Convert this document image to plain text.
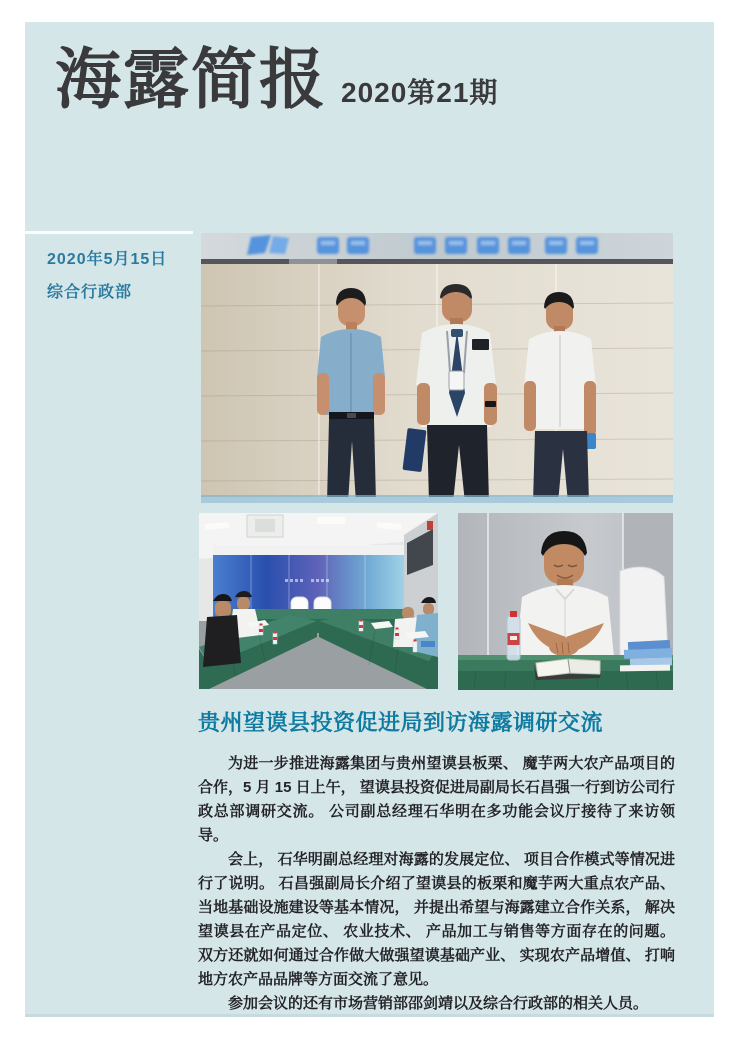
海露简报 2020第21期
2020年5月15日
综合行政部
贵州望谟县投资促进局到访海露调研交流

为进一步推进海露集团与贵州望谟县板栗、 魔芋两大农产品项目的合作，5 月 15 日上午， 望谟县投资促进局副局长石昌强一行到访公司行政总部调研交流。 公司副总经理石华明在多功能会议厅接待了来访领导。

会上， 石华明副总经理对海露的发展定位、 项目合作模式等情况进行了说明。 石昌强副局长介绍了望谟县的板栗和魔芋两大重点农产品、 当地基础设施建设等基本情况， 并提出希望与海露建立合作关系， 解决望谟县在产品定位、 农业技术、 产品加工与销售等方面存在的问题。 双方还就如何通过合作做大做强望谟基础产业、 实现农产品增值、 打响地方农产品品牌等方面交流了意见。

参加会议的还有市场营销部邵剑靖以及综合行政部的相关人员。
